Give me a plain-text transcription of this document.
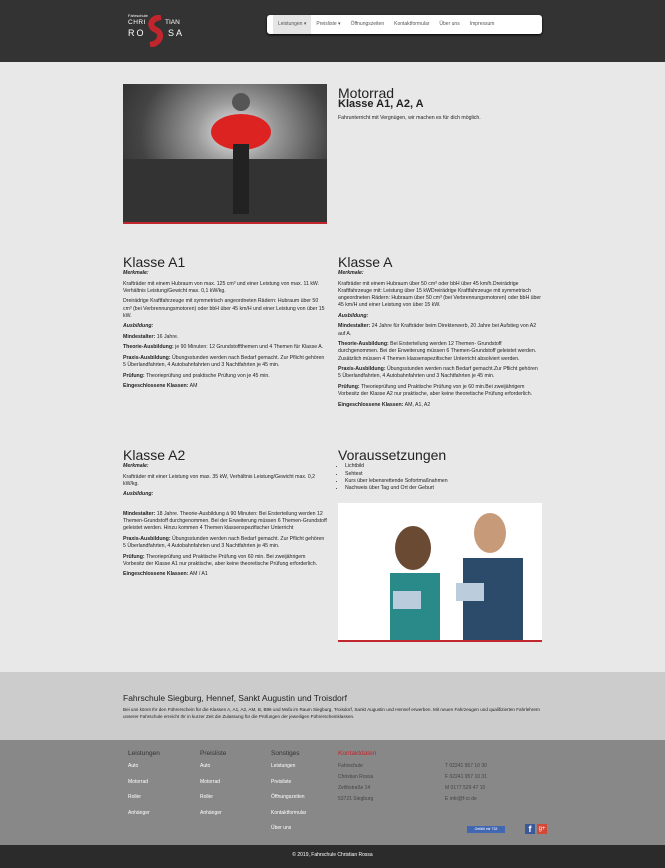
Fahrschule
CHRI	TIAN
RO	SA
Leistungen ▾	Preisliste ▾	Öffnungszeiten	Kontaktformular	Über uns	Impressum
Motorrad
Klasse A1, A2, A

Fahrunterricht mit Vergnügen, wir machen es für dich möglich.

Klasse A1
Merkmale:

Krafträder mit einem Hubraum von max. 125 cm³ und einer Leistung von max. 11 kW. Verhältnis Leistung/Gewicht max. 0,1 kW/kg.

Dreirädrige Kraftfahrzeuge mit symmetrisch angeordneten Rädern: Hubraum über 50 cm³ (bei Verbrennungsmotoren) oder bbH über 45 km/H und einer Leistung von über 15 kW.

Ausbildung:

Mindestalter: 16 Jahre.

Theorie-Ausbildung: je 90 Minuten: 12 Grundstoffthemen und 4 Themen für Klasse A.

Praxis-Ausbildung: Übungsstunden werden nach Bedarf gemacht. Zur Pflicht gehören 5 Überlandfahrten, 4 Autobahnfahrten und 3 Nachtfahrten je 45 min.

Prüfung: Theorieprüfung und praktische Prüfung von je 45 min.

Eingeschlossene Klassen: AM

Klasse A
Merkmale:

Krafträder mit einem Hubraum über 50 cm³ oder bbH über 45 km/h.Dreirädrige Kraftfahrzeuge mit: Leistung über 15 kWDreirädrige Kraftfahrzeuge mit symmetrisch angeordneten Rädern: Hubraum über 50 cm³ (bei Verbrennungsmotoren) oder bbH über 45 km/H und einer Leistung von über 15 kW.

Ausbildung:

Mindestalter: 24 Jahre für Krafträder beim Direkterwerb, 20 Jahre bei Aufstieg von A2 auf A.

Theorie-Ausbildung: Bei Ersterteilung werden 12 Themen- Grundstoff durchgenommen. Bei der Erweiterung müssen 6 Themen-Grundstoff geleistet werden. Zusätzlich müssen 4 Themen klassenspezifischer Unterricht absolviert werden.

Praxis-Ausbildung: Übungsstunden werden nach Bedarf gemacht.Zur Pflicht gehören 5 Überlandfahrten, 4 Autobahnfahrten und 3 Nachtfahrten je 45 min.

Prüfung: Theorieprüfung und Praktische Prüfung von je 60 min.Bei zweijährigem Vorbesitz der Klasse A2 nur praktische, aber keine theoretische Prüfung erforderlich.

Eingeschlossene Klassen: AM, A1, A2

Klasse A2
Merkmale:

Krafträder mit einer Leistung von max. 35 kW, Verhältnis Leistung/Gewicht max. 0,2 kW/kg.

Ausbildung:

Mindestalter: 18 Jahre. Theorie-Ausbildung á 90 Minuten: Bei Ersterteilung werden 12 Themen-Grundstoff durchgenommen. Bei der Erweiterung müssen 6 Themen-Grundstoff geleistet werden. Hinzu kommen 4 Themen klassenspezifischer Unterricht

Praxis-Ausbildung: Übungsstunden werden nach Bedarf gemacht. Zur Pflicht gehören 5 Überlandfahrten, 4 Autobahnfahrten und 3 Nachtfahrten je 45 min.

Prüfung: Theorieprüfung und Praktische Prüfung von 60 min. Bei zweijährigem Vorbesitz der Klasse A1 nur praktische, aber keine theoretische Prüfung erforderlich.

Eingeschlossene Klassen: AM / A1

Voraussetzungen
• Lichtbild
• Sehtest
• Kurs über lebensrettende Sofortmaßnahmen
• Nachweis über Tag und Ort der Geburt
Fahrschule Siegburg, Hennef, Sankt Augustin und Troisdorf
Bei uns könnt Ihr den Führerschein für die Klassen A, A1, A2, AM, B, B96 und Mofa im Raum Siegburg, Troisdorf, Sankt Augustin und Hennef erwerben. Mit neuen Fahrzeugen und qualifizierten Fahrlehrern unserer Fahrschule erreicht Ihr in kurzer Zeit die Zulassung für die Prüfungen der jeweiligen Führerscheinklassen.
Leistungen
Auto
Motorrad
Roller
Anhänger
Preisliste
Auto
Motorrad
Roller
Anhänger
Sonstiges
Leistungen
Preisliste
Öffnungszeiten
Kontaktformular
Über uns
Kontaktdaten
Fahrschule
Christian Rossa
Zeithstraße 14
53721 Siegburg
T 02241 957 10 30
F 02241 957 10 31
M 0177 529 47 10
E info@f-cr.de
Gefällt mir 733	f	g+
© 2019, Fahrschule Christian Rossa
